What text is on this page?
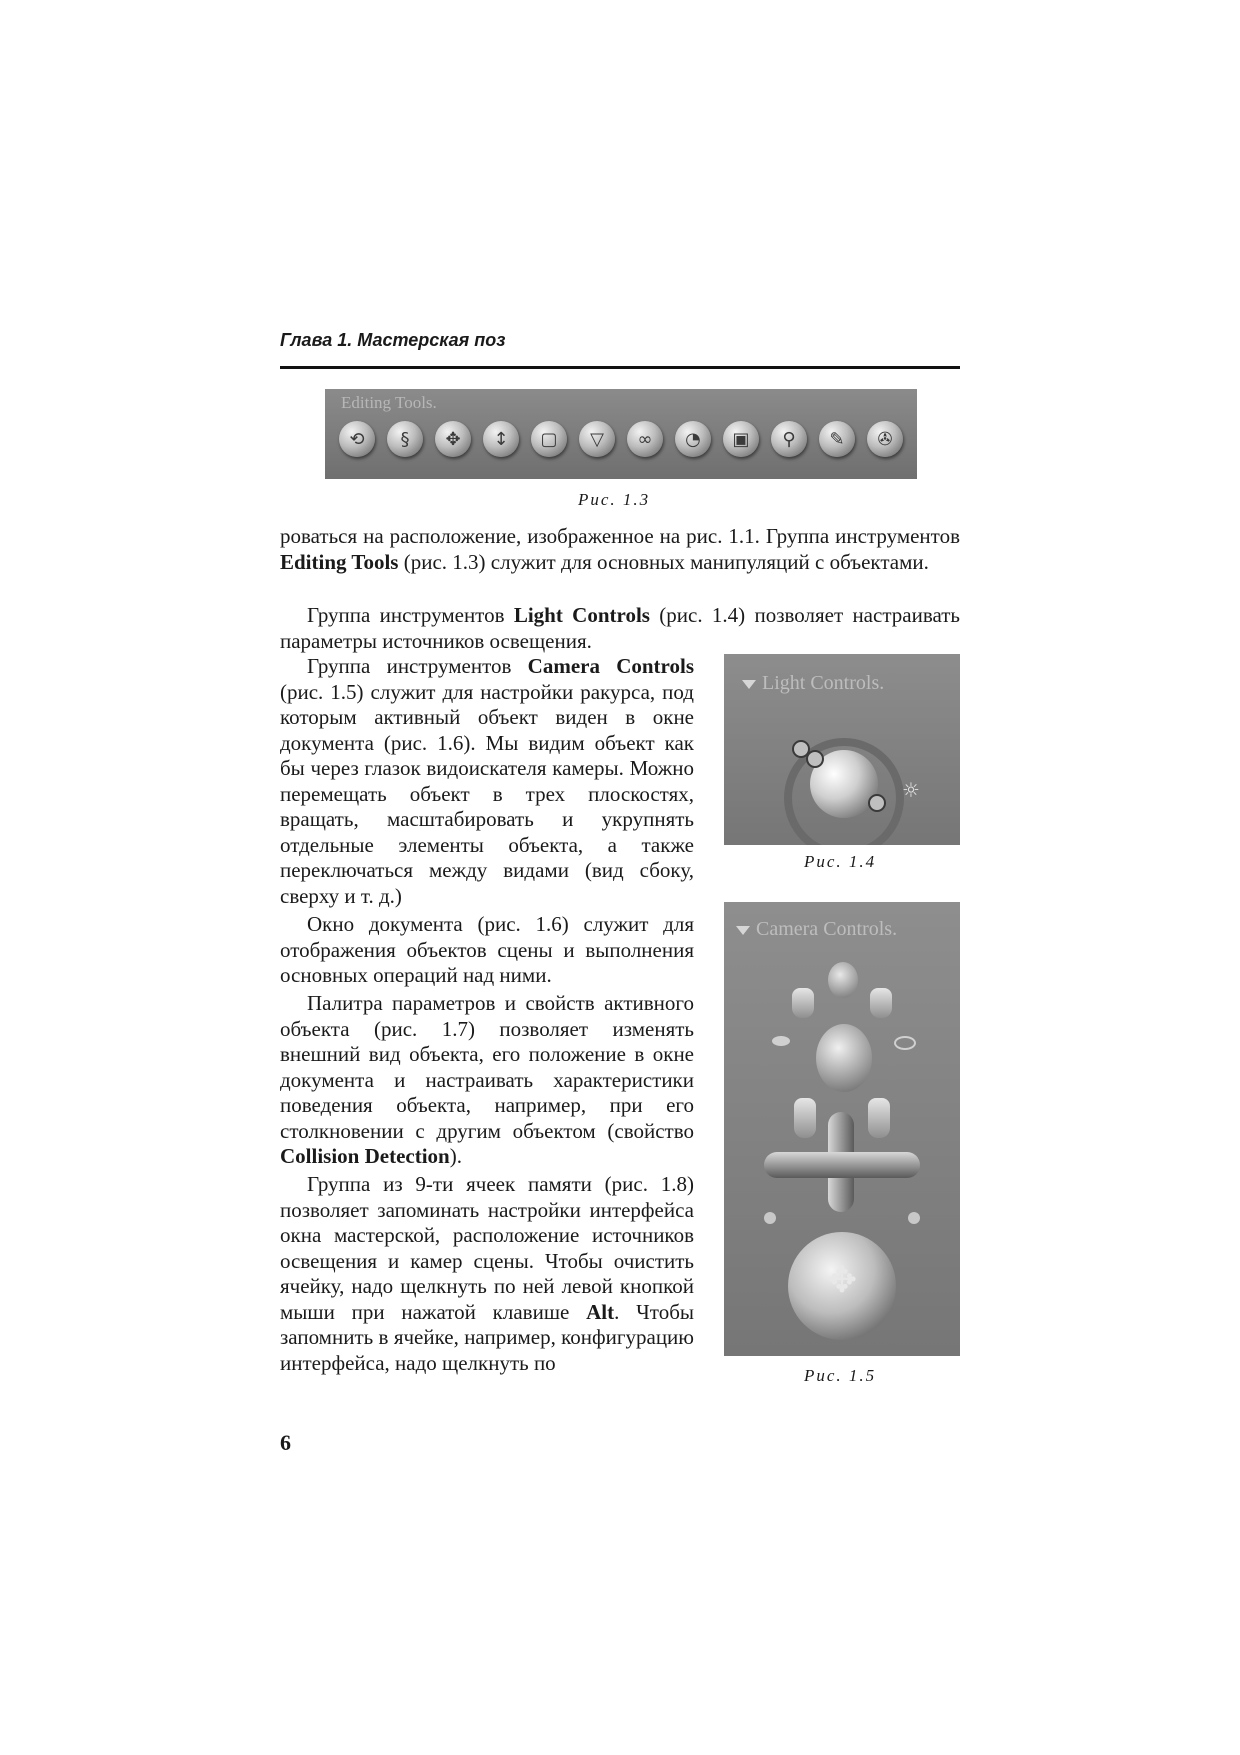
Глава 1. Мастерская поз
Editing Tools.
⟲	§	✥	↕	▢	▽	∞	◔	▣	⚲	✎	✇
Рис. 1.3

роваться на расположение, изображенное на рис. 1.1. Группа инструментов Editing Tools (рис. 1.3) служит для основных манипуляций с объектами.

Группа инструментов Light Controls (рис. 1.4) позволяет настраивать параметры источников освещения.

Группа инструментов Camera Controls (рис. 1.5) служит для настройки ракурса, под которым активный объект виден в окне документа (рис. 1.6). Мы видим объект как бы через глазок видоискателя камеры. Можно перемещать объект в трех плоскостях, вращать, масштабировать и укрупнять отдельные элементы объекта, а также переключаться между видами (вид сбоку, сверху и т. д.)

Окно документа (рис. 1.6) служит для отображения объектов сцены и выполнения основных операций над ними.

Палитра параметров и свойств активного объекта (рис. 1.7) позволяет изменять внешний вид объекта, его положение в окне документа и настраивать характеристики поведения объекта, например, при его столкновении с другим объектом (свойство Collision Detection).

Группа из 9-ти ячеек памяти (рис. 1.8) позволяет запоминать настройки интерфейса окна мастерской, расположение источников освещения и камер сцены. Чтобы очистить ячейку, надо щелкнуть по ней левой кнопкой мыши при нажатой клавише Alt. Чтобы запомнить в ячейке, например, конфигурацию интерфейса, надо щелкнуть по

Light Controls.
☼
Рис. 1.4
Camera Controls.
✥
Рис. 1.5
6
